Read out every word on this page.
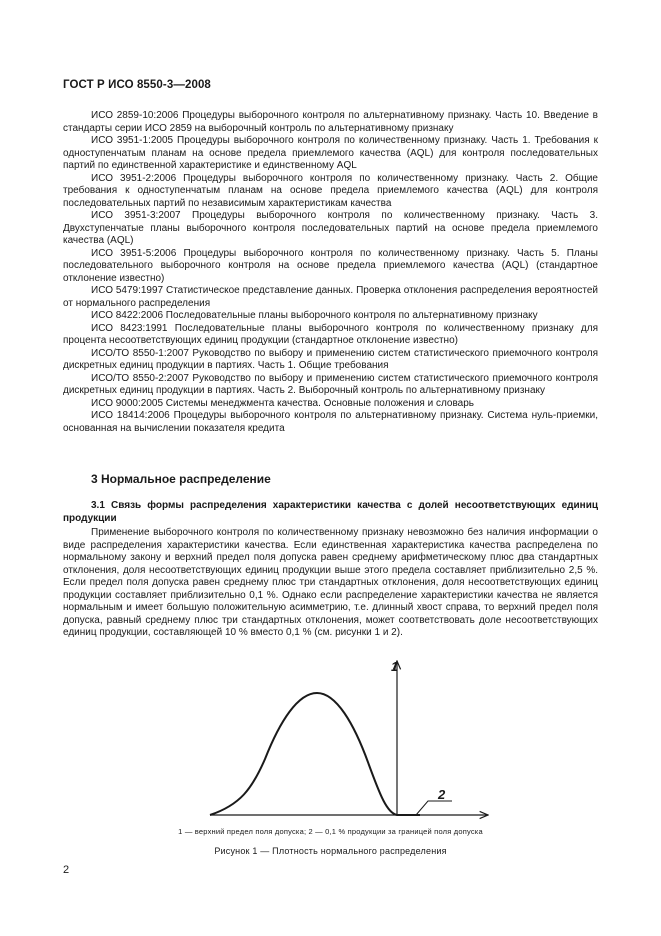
ГОСТ Р ИСО 8550-3—2008

ИСО 2859-10:2006 Процедуры выборочного контроля по альтернативному признаку. Часть 10. Введение в стандарты серии ИСО 2859 на выборочный контроль по альтернативному признаку

ИСО 3951-1:2005 Процедуры выборочного контроля по количественному признаку. Часть 1. Требования к одноступенчатым планам на основе предела приемлемого качества (AQL) для контроля последовательных партий по единственной характеристике и единственному AQL

ИСО 3951-2:2006 Процедуры выборочного контроля по количественному признаку. Часть 2. Общие требования к одноступенчатым планам на основе предела приемлемого качества (AQL) для контроля последовательных партий по независимым характеристикам качества

ИСО 3951-3:2007 Процедуры выборочного контроля по количественному признаку. Часть 3. Двухступенчатые планы выборочного контроля последовательных партий на основе предела приемлемого качества (AQL)

ИСО 3951-5:2006 Процедуры выборочного контроля по количественному признаку. Часть 5. Планы последовательного выборочного контроля на основе предела приемлемого качества (AQL) (стандартное отклонение известно)

ИСО 5479:1997 Статистическое представление данных. Проверка отклонения распределения вероятностей от нормального распределения

ИСО 8422:2006 Последовательные планы выборочного контроля по альтернативному признаку

ИСО 8423:1991 Последовательные планы выборочного контроля по количественному признаку для процента несоответствующих единиц продукции (стандартное отклонение известно)

ИСО/ТО 8550-1:2007 Руководство по выбору и применению систем статистического приемочного контроля дискретных единиц продукции в партиях. Часть 1. Общие требования

ИСО/ТО 8550-2:2007 Руководство по выбору и применению систем статистического приемочного контроля дискретных единиц продукции в партиях. Часть 2. Выборочный контроль по альтернативному признаку

ИСО 9000:2005 Системы менеджмента качества. Основные положения и словарь

ИСО 18414:2006 Процедуры выборочного контроля по альтернативному признаку. Система нуль-приемки, основанная на вычислении показателя кредита

3 Нормальное распределение

3.1 Связь формы распределения характеристики качества с долей несоответствующих единиц продукции

Применение выборочного контроля по количественному признаку невозможно без наличия информации о виде распределения характеристики качества. Если единственная характеристика качества распределена по нормальному закону и верхний предел поля допуска равен среднему арифметическому плюс два стандартных отклонения, доля несоответствующих единиц продукции выше этого предела составляет приблизительно 2,5 %. Если предел поля допуска равен среднему плюс три стандартных отклонения, доля несоответствующих единиц продукции составляет приблизительно 0,1 %. Однако если распределение характеристики качества не является нормальным и имеет большую положительную асимметрию, т.е. длинный хвост справа, то верхний предел поля допуска, равный среднему плюс три стандартных отклонения, может соответствовать доле несоответствующих единиц продукции, составляющей 10 % вместо 0,1 % (см. рисунки 1 и 2).

1
2
1 — верхний предел поля допуска; 2 — 0,1 % продукции за границей поля допуска
Рисунок 1 — Плотность нормального распределения
2
